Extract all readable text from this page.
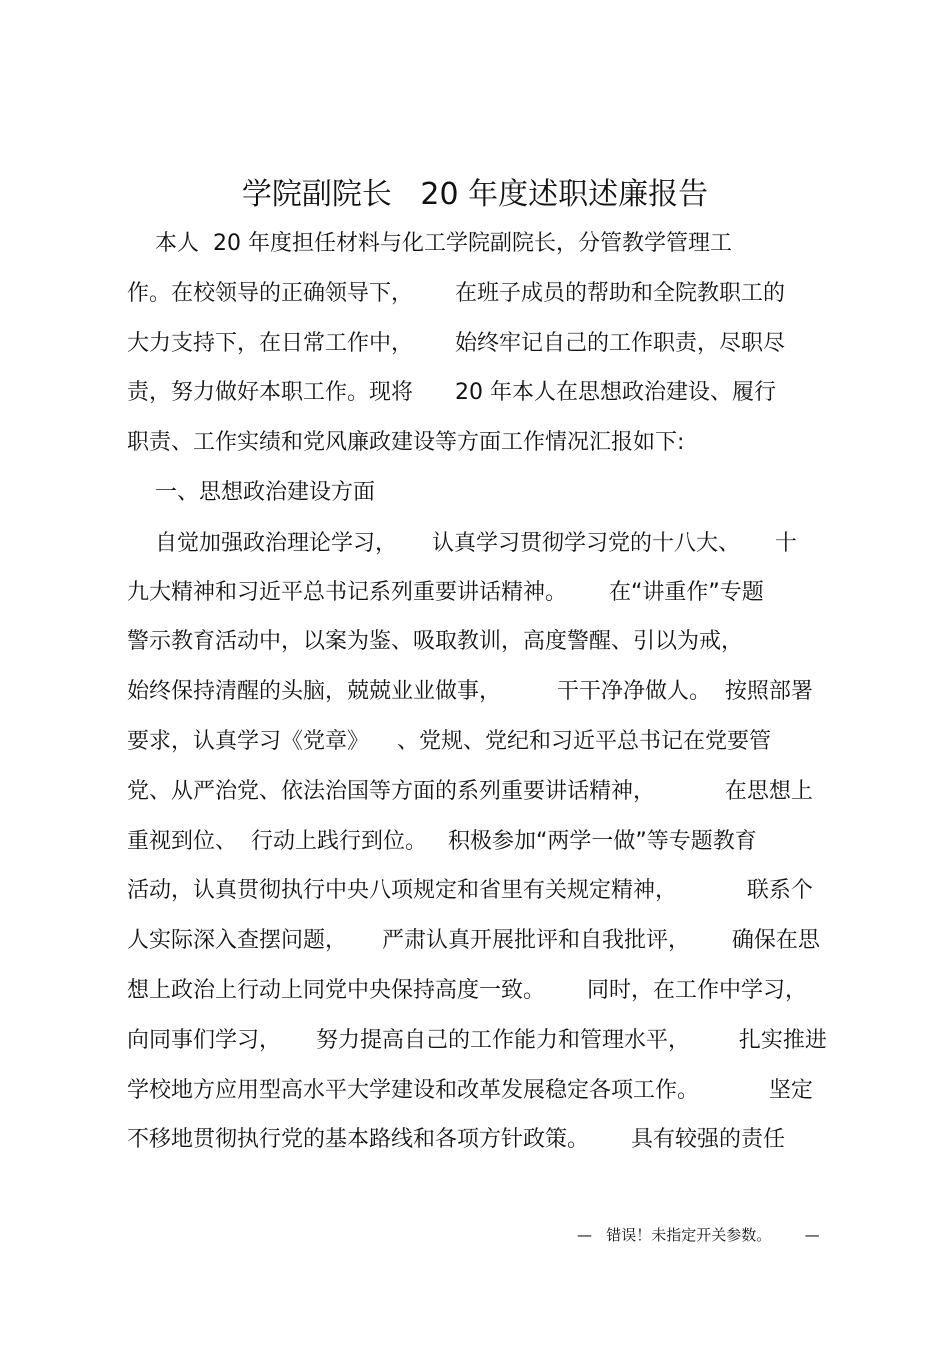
学院副院长   20 年度述职述廉报告

本人  20 年度担任材料与化工学院副院长，分管教学管理工

作。在校领导的正确领导下，      在班子成员的帮助和全院教职工的

大力支持下，在日常工作中，      始终牢记自己的工作职责，尽职尽

责，努力做好本职工作。现将      20 年本人在思想政治建设、履行

职责、工作实绩和党风廉政建设等方面工作情况汇报如下:

一、思想政治建设方面

自觉加强政治理论学习，     认真学习贯彻学习党的十八大、     十

九大精神和习近平总书记系列重要讲话精神。      在“讲重作”专题

警示教育活动中，以案为鉴、吸取教训，高度警醒、引以为戒，

始终保持清醒的头脑，兢兢业业做事，        干干净净做人。  按照部署

要求，认真学习《党章》    、党规、党纪和习近平总书记在党要管

党、从严治党、依法治国等方面的系列重要讲话精神，          在思想上

重视到位、  行动上践行到位。   积极参加“两学一做”等专题教育

活动，认真贯彻执行中央八项规定和省里有关规定精神，          联系个

人实际深入查摆问题，     严肃认真开展批评和自我批评，      确保在思

想上政治上行动上同党中央保持高度一致。      同时，在工作中学习，

向同事们学习，     努力提高自己的工作能力和管理水平，       扎实推进

学校地方应用型高水平大学建设和改革发展稳定各项工作。          坚定

不移地贯彻执行党的基本路线和各项方针政策。      具有较强的责任

—   错误！未指定开关参数。       —
